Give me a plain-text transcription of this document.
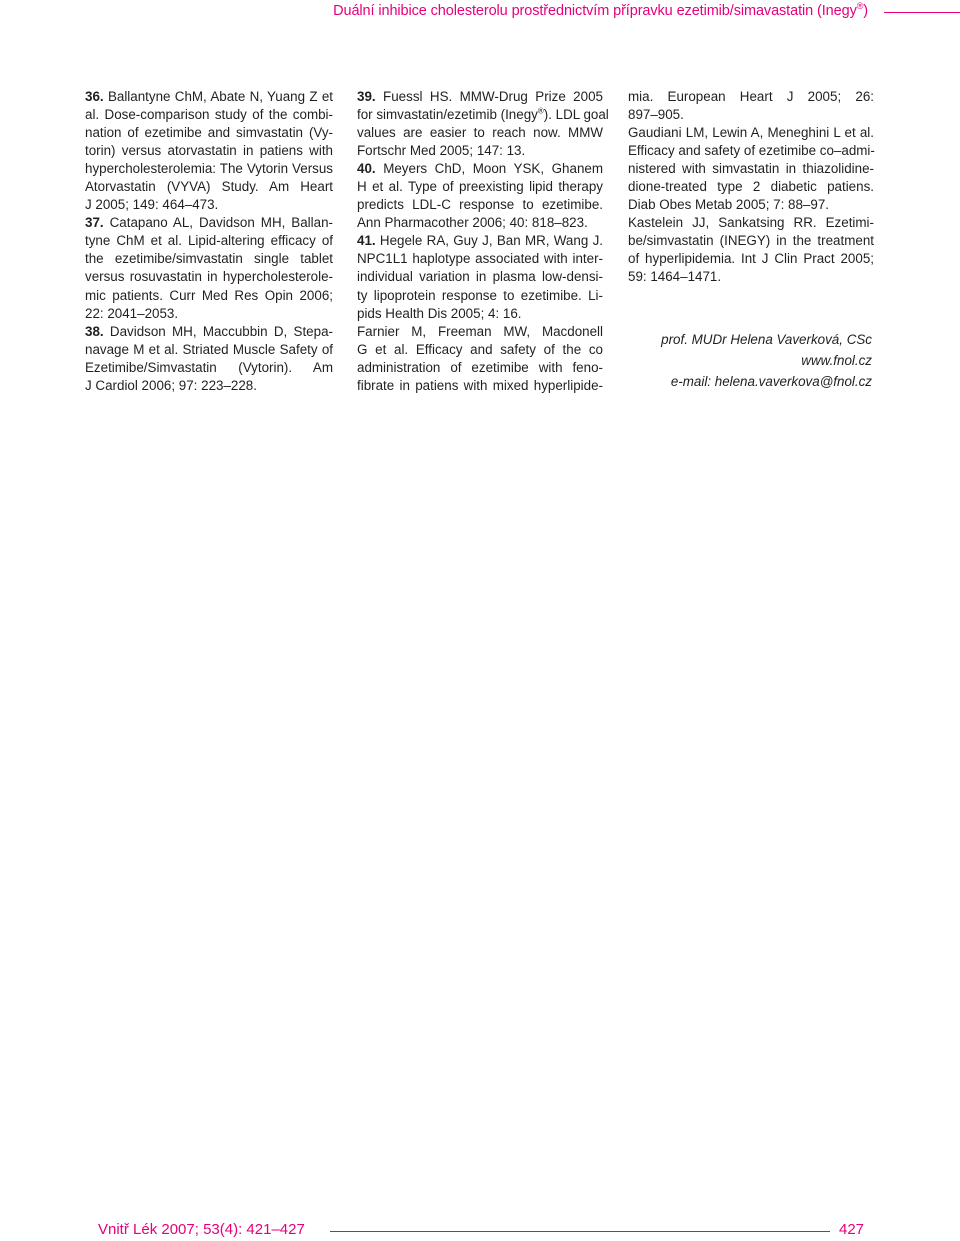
Duální inhibice cholesterolu prostřednictvím přípravku ezetimib/simavastatin (Inegy®)
36. Ballantyne ChM, Abate N, Yuang Z et
al. Dose-comparison study of the combi-
nation of ezetimibe and simvastatin (Vy-
torin) versus atorvastatin in patiens with
hypercholesterolemia: The Vytorin Versus
Atorvastatin (VYVA) Study. Am Heart
J 2005; 149: 464–473.
37. Catapano AL, Davidson MH, Ballan-
tyne ChM et al. Lipid-altering efficacy of
the ezetimibe/simvastatin single tablet
versus rosuvastatin in hypercholesterole-
mic patients. Curr Med Res Opin 2006;
22: 2041–2053.
38. Davidson MH, Maccubbin D, Stepa-
navage M et al. Striated Muscle Safety of
Ezetimibe/Simvastatin (Vytorin). Am
J Cardiol 2006; 97: 223–228.
39. Fuessl HS. MMW-Drug Prize 2005
for simvastatin/ezetimib (Inegy®). LDL goal
values are easier to reach now. MMW
Fortschr Med 2005; 147: 13.
40. Meyers ChD, Moon YSK, Ghanem
H et al. Type of preexisting lipid therapy
predicts LDL-C response to ezetimibe.
Ann Pharmacother 2006; 40: 818–823.
41. Hegele RA, Guy J, Ban MR, Wang J.
NPC1L1 haplotype associated with inter-
individual variation in plasma low-densi-
ty lipoprotein response to ezetimibe. Li-
pids Health Dis 2005; 4: 16.
Farnier M, Freeman MW, Macdonell
G et al. Efficacy and safety of the co
administration of ezetimibe with feno-
fibrate in patiens with mixed hyperlipide-
mia. European Heart J 2005; 26:
897–905.
Gaudiani LM, Lewin A, Meneghini L et al.
Efficacy and safety of ezetimibe co–admi-
nistered with simvastatin in thiazolidine-
dione-treated type 2 diabetic patiens.
Diab Obes Metab 2005; 7: 88–97.
Kastelein JJ, Sankatsing RR. Ezetimi-
be/simvastatin (INEGY) in the treatment
of hyperlipidemia. Int J Clin Pract 2005;
59: 1464–1471.
prof. MUDr Helena Vaverková, CSc
www.fnol.cz
e-mail: helena.vaverkova@fnol.cz
Vnitř Lék 2007; 53(4): 421–427	427
